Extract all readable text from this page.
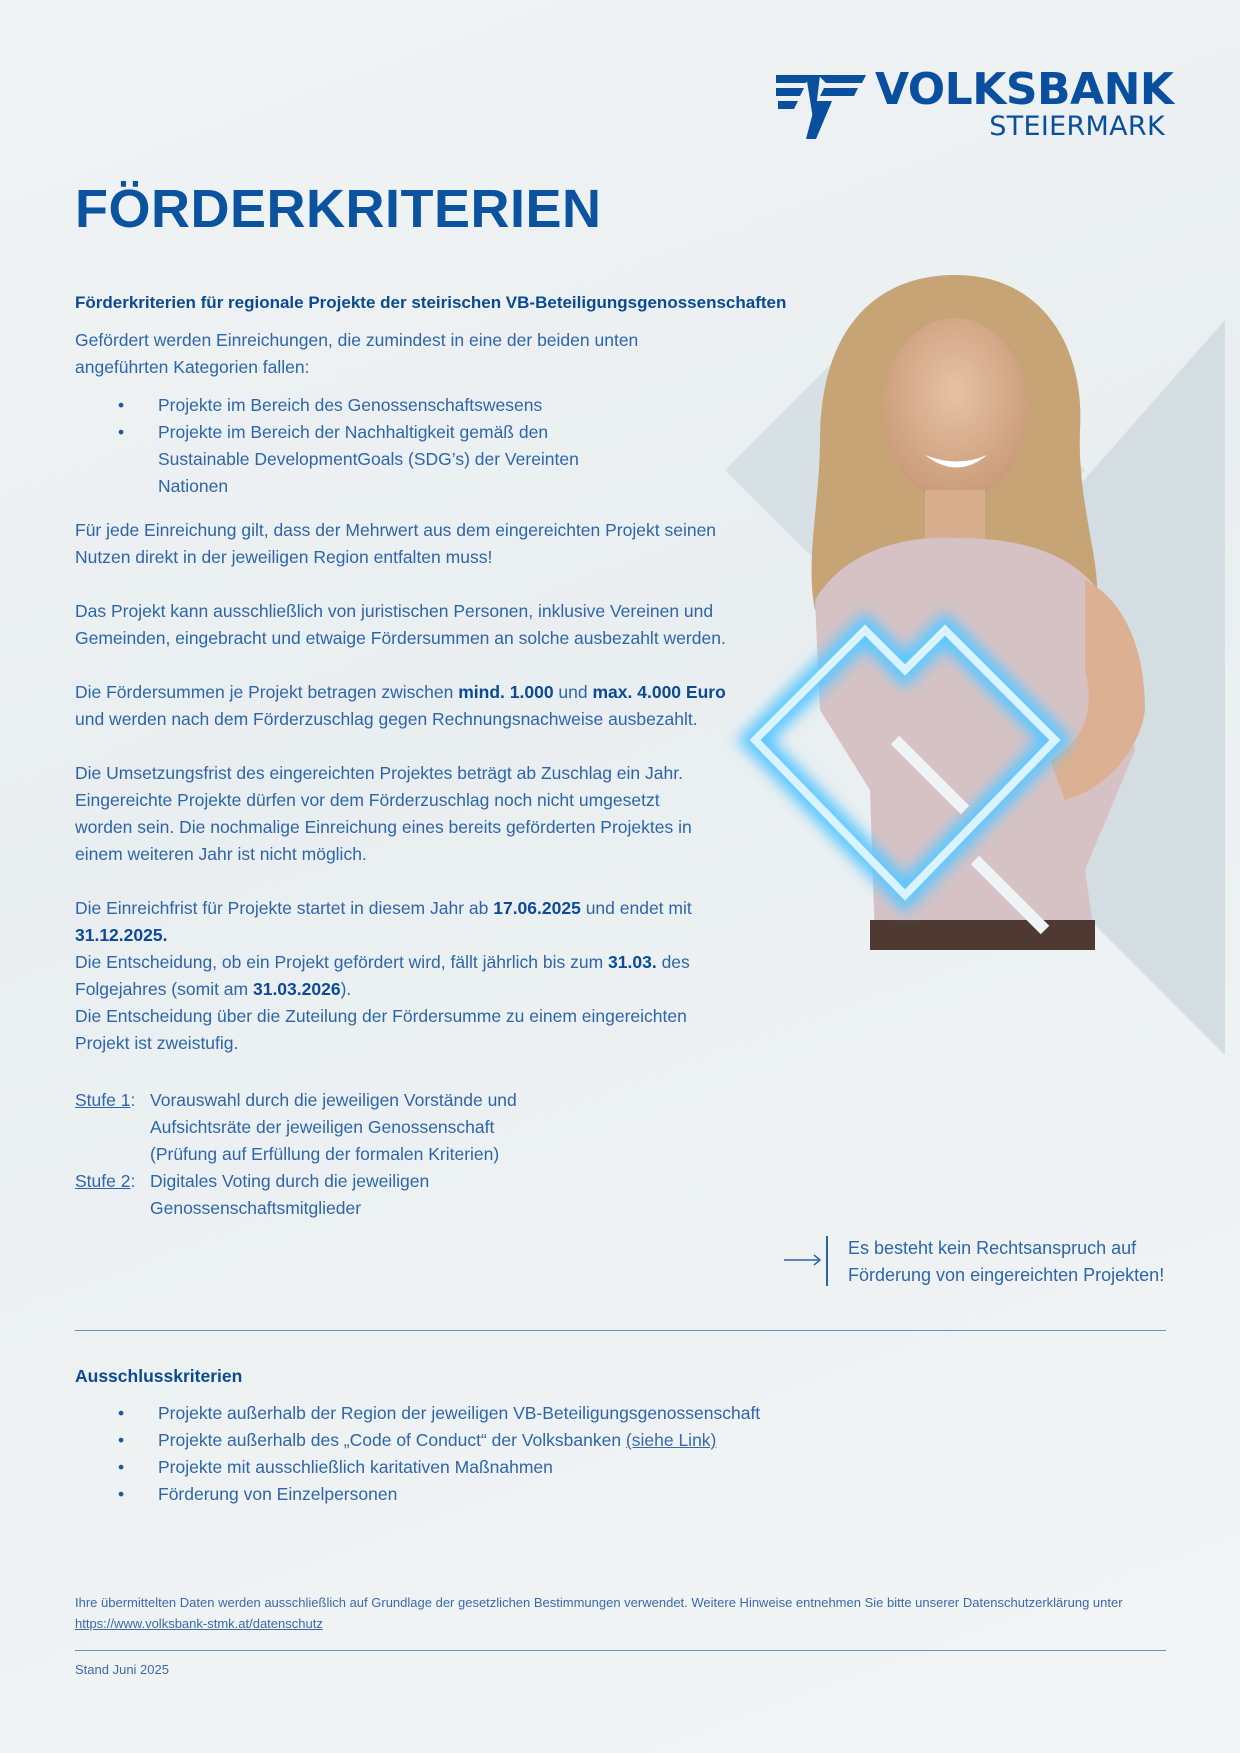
VOLKSBANK
STEIERMARK
FÖRDERKRITERIEN
Förderkriterien für regionale Projekte der steirischen VB-Beteiligungsgenossenschaften
Gefördert werden Einreichungen, die zumindest in eine der beiden unten angeführten Kategorien fallen:
• Projekte im Bereich des Genossenschaftswesens
• Projekte im Bereich der Nachhaltigkeit gemäß den Sustainable DevelopmentGoals (SDG’s) der Vereinten Nationen
Für jede Einreichung gilt, dass der Mehrwert aus dem eingereichten Projekt seinen Nutzen direkt in der jeweiligen Region entfalten muss!
Das Projekt kann ausschließlich von juristischen Personen, inklusive Vereinen und Gemeinden, eingebracht und etwaige Fördersummen an solche ausbezahlt werden.
Die Fördersummen je Projekt betragen zwischen mind. 1.000 und max. 4.000 Euro und werden nach dem Förderzuschlag gegen Rechnungsnachweise ausbezahlt.
Die Umsetzungsfrist des eingereichten Projektes beträgt ab Zuschlag ein Jahr. Eingereichte Projekte dürfen vor dem Förderzuschlag noch nicht umgesetzt worden sein. Die nochmalige Einreichung eines bereits geförderten Projektes in einem weiteren Jahr ist nicht möglich.
Die Einreichfrist für Projekte startet in diesem Jahr ab 17.06.2025 und endet mit
31.12.2025.
Die Entscheidung, ob ein Projekt gefördert wird, fällt jährlich bis zum 31.03. des Folgejahres (somit am 31.03.2026).
Die Entscheidung über die Zuteilung der Fördersumme zu einem eingereichten Projekt ist zweistufig.
Stufe 1: Vorauswahl durch die jeweiligen Vorstände und Aufsichtsräte der jeweiligen Genossenschaft (Prüfung auf Erfüllung der formalen Kriterien)
Stufe 2: Digitales Voting durch die jeweiligen Genossenschaftsmitglieder
Es besteht kein Rechtsanspruch auf Förderung von eingereichten Projekten!
Ausschlusskriterien
• Projekte außerhalb der Region der jeweiligen VB-Beteiligungsgenossenschaft
• Projekte außerhalb des „Code of Conduct“ der Volksbanken (siehe Link)
• Projekte mit ausschließlich karitativen Maßnahmen
• Förderung von Einzelpersonen
Ihre übermittelten Daten werden ausschließlich auf Grundlage der gesetzlichen Bestimmungen verwendet. Weitere Hinweise entnehmen Sie bitte unserer Datenschutzerklärung unter
https://www.volksbank-stmk.at/datenschutz
Stand Juni 2025
